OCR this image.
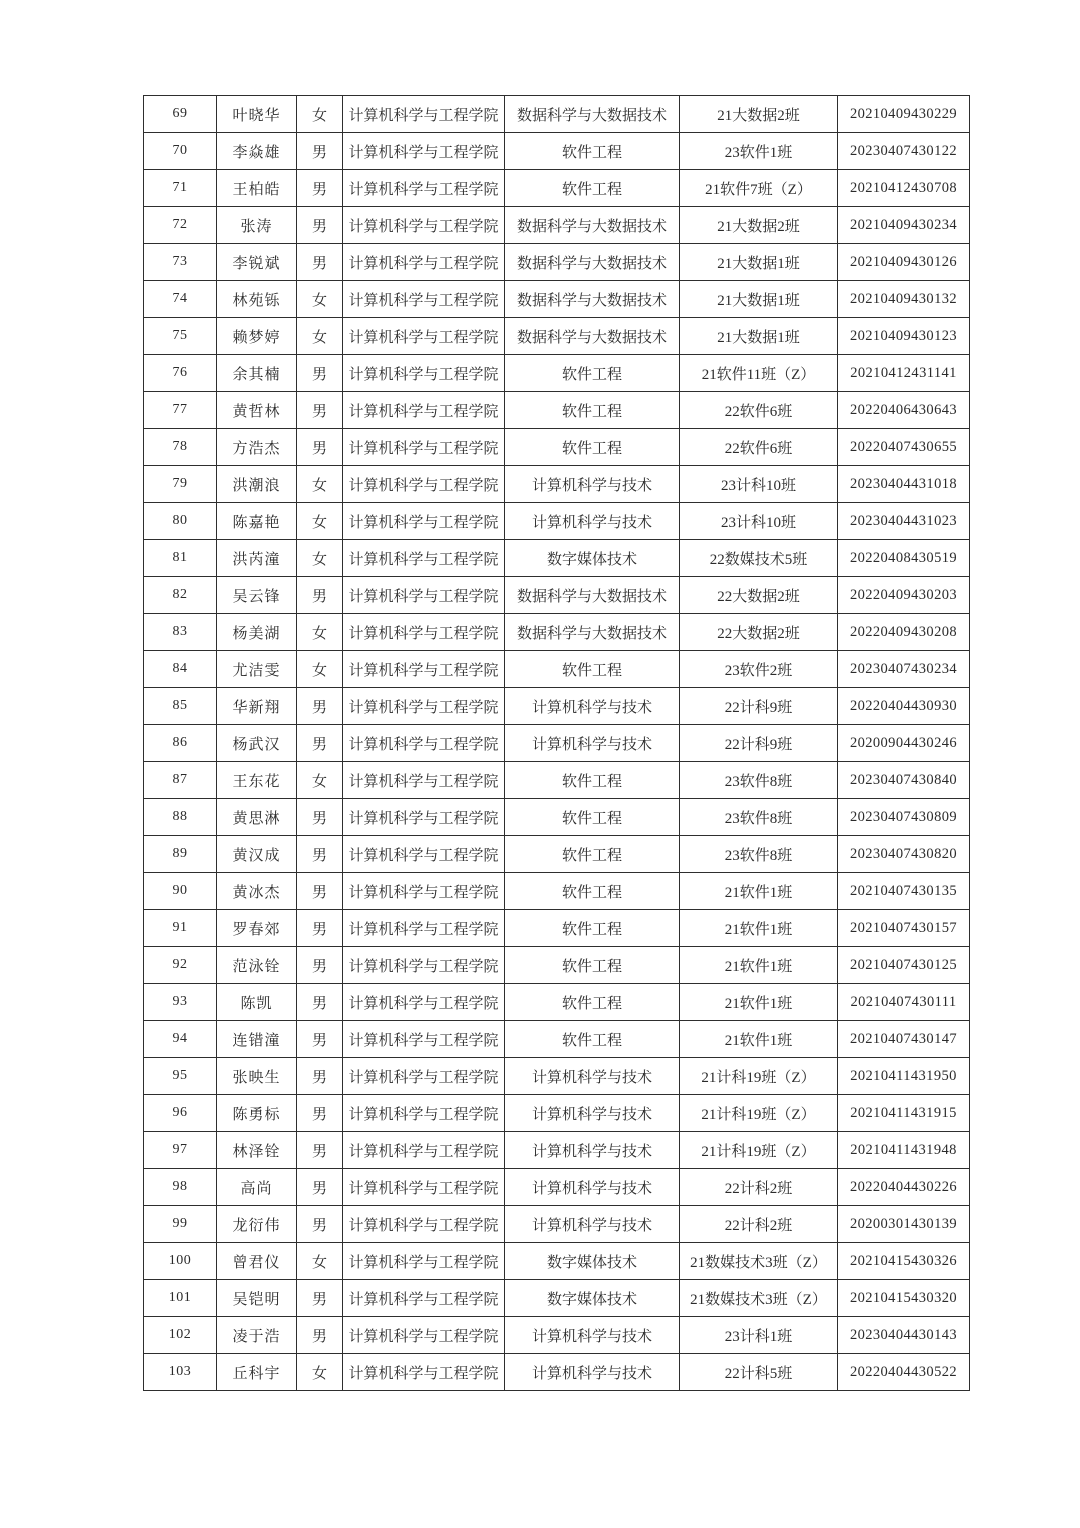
69	叶晓华	女	计算机科学与工程学院	数据科学与大数据技术	21大数据2班	20210409430229
70	李焱雄	男	计算机科学与工程学院	软件工程	23软件1班	20230407430122
71	王柏皓	男	计算机科学与工程学院	软件工程	21软件7班（Z）	20210412430708
72	张涛	男	计算机科学与工程学院	数据科学与大数据技术	21大数据2班	20210409430234
73	李锐斌	男	计算机科学与工程学院	数据科学与大数据技术	21大数据1班	20210409430126
74	林苑铄	女	计算机科学与工程学院	数据科学与大数据技术	21大数据1班	20210409430132
75	赖梦婷	女	计算机科学与工程学院	数据科学与大数据技术	21大数据1班	20210409430123
76	余其楠	男	计算机科学与工程学院	软件工程	21软件11班（Z）	20210412431141
77	黄哲林	男	计算机科学与工程学院	软件工程	22软件6班	20220406430643
78	方浩杰	男	计算机科学与工程学院	软件工程	22软件6班	20220407430655
79	洪潮浪	女	计算机科学与工程学院	计算机科学与技术	23计科10班	20230404431018
80	陈嘉艳	女	计算机科学与工程学院	计算机科学与技术	23计科10班	20230404431023
81	洪芮潼	女	计算机科学与工程学院	数字媒体技术	22数媒技术5班	20220408430519
82	吴云锋	男	计算机科学与工程学院	数据科学与大数据技术	22大数据2班	20220409430203
83	杨美湖	女	计算机科学与工程学院	数据科学与大数据技术	22大数据2班	20220409430208
84	尤洁雯	女	计算机科学与工程学院	软件工程	23软件2班	20230407430234
85	华新翔	男	计算机科学与工程学院	计算机科学与技术	22计科9班	20220404430930
86	杨武汉	男	计算机科学与工程学院	计算机科学与技术	22计科9班	20200904430246
87	王东花	女	计算机科学与工程学院	软件工程	23软件8班	20230407430840
88	黄思淋	男	计算机科学与工程学院	软件工程	23软件8班	20230407430809
89	黄汉成	男	计算机科学与工程学院	软件工程	23软件8班	20230407430820
90	黄冰杰	男	计算机科学与工程学院	软件工程	21软件1班	20210407430135
91	罗春郊	男	计算机科学与工程学院	软件工程	21软件1班	20210407430157
92	范泳铨	男	计算机科学与工程学院	软件工程	21软件1班	20210407430125
93	陈凯	男	计算机科学与工程学院	软件工程	21软件1班	20210407430111
94	连错潼	男	计算机科学与工程学院	软件工程	21软件1班	20210407430147
95	张映生	男	计算机科学与工程学院	计算机科学与技术	21计科19班（Z）	20210411431950
96	陈勇标	男	计算机科学与工程学院	计算机科学与技术	21计科19班（Z）	20210411431915
97	林泽铨	男	计算机科学与工程学院	计算机科学与技术	21计科19班（Z）	20210411431948
98	高尚	男	计算机科学与工程学院	计算机科学与技术	22计科2班	20220404430226
99	龙衍伟	男	计算机科学与工程学院	计算机科学与技术	22计科2班	20200301430139
100	曾君仪	女	计算机科学与工程学院	数字媒体技术	21数媒技术3班（Z）	20210415430326
101	吴铠明	男	计算机科学与工程学院	数字媒体技术	21数媒技术3班（Z）	20210415430320
102	凌于浩	男	计算机科学与工程学院	计算机科学与技术	23计科1班	20230404430143
103	丘科宇	女	计算机科学与工程学院	计算机科学与技术	22计科5班	20220404430522
